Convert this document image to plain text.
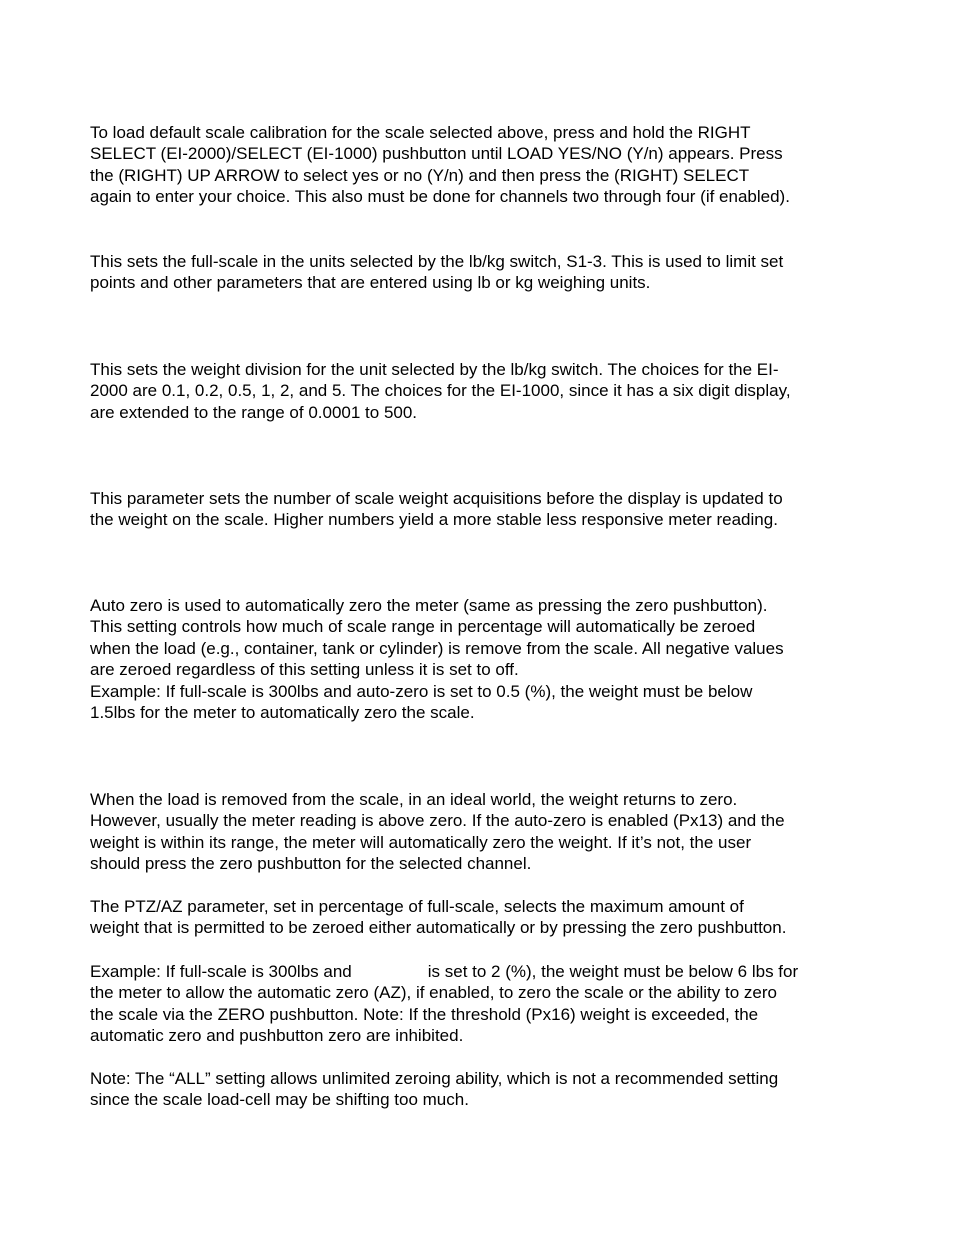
To load default scale calibration for the scale selected above, press and hold the RIGHT
SELECT (EI-2000)/SELECT (EI-1000) pushbutton until LOAD YES/NO (Y/n) appears. Press
the (RIGHT) UP ARROW to select yes or no (Y/n) and then press the (RIGHT) SELECT
again to enter your choice. This also must be done for channels two through four (if enabled).

This sets the full-scale in the units selected by the lb/kg switch, S1-3. This is used to limit set
points and other parameters that are entered using lb or kg weighing units.

This sets the weight division for the unit selected by the lb/kg switch. The choices for the EI-
2000 are 0.1, 0.2, 0.5, 1, 2, and 5. The choices for the EI-1000, since it has a six digit display,
are extended to the range of 0.0001 to 500.

This parameter sets the number of scale weight acquisitions before the display is updated to
the weight on the scale. Higher numbers yield a more stable less responsive meter reading.

Auto zero is used to automatically zero the meter (same as pressing the zero pushbutton).
This setting controls how much of scale range in percentage will automatically be zeroed
when the load (e.g., container, tank or cylinder) is remove from the scale. All negative values
are zeroed regardless of this setting unless it is set to off.
Example: If full-scale is 300lbs and auto-zero is set to 0.5 (%), the weight must be below
1.5lbs for the meter to automatically zero the scale.

When the load is removed from the scale, in an ideal world, the weight returns to zero.
However, usually the meter reading is above zero. If the auto-zero is enabled (Px13) and the
weight is within its range, the meter will automatically zero the weight. If it’s not, the user
should press the zero pushbutton for the selected channel.

The PTZ/AZ parameter, set in percentage of full-scale, selects the maximum amount of
weight that is permitted to be zeroed either automatically or by pressing the zero pushbutton.

Example: If full-scale is 300lbs and	is set to 2 (%), the weight must be below 6 lbs for
the meter to allow the automatic zero (AZ), if enabled, to zero the scale or the ability to zero
the scale via the ZERO pushbutton. Note: If the threshold (Px16) weight is exceeded, the
automatic zero and pushbutton zero are inhibited.

Note: The “ALL” setting allows unlimited zeroing ability, which is not a recommended setting
since the scale load-cell may be shifting too much.
